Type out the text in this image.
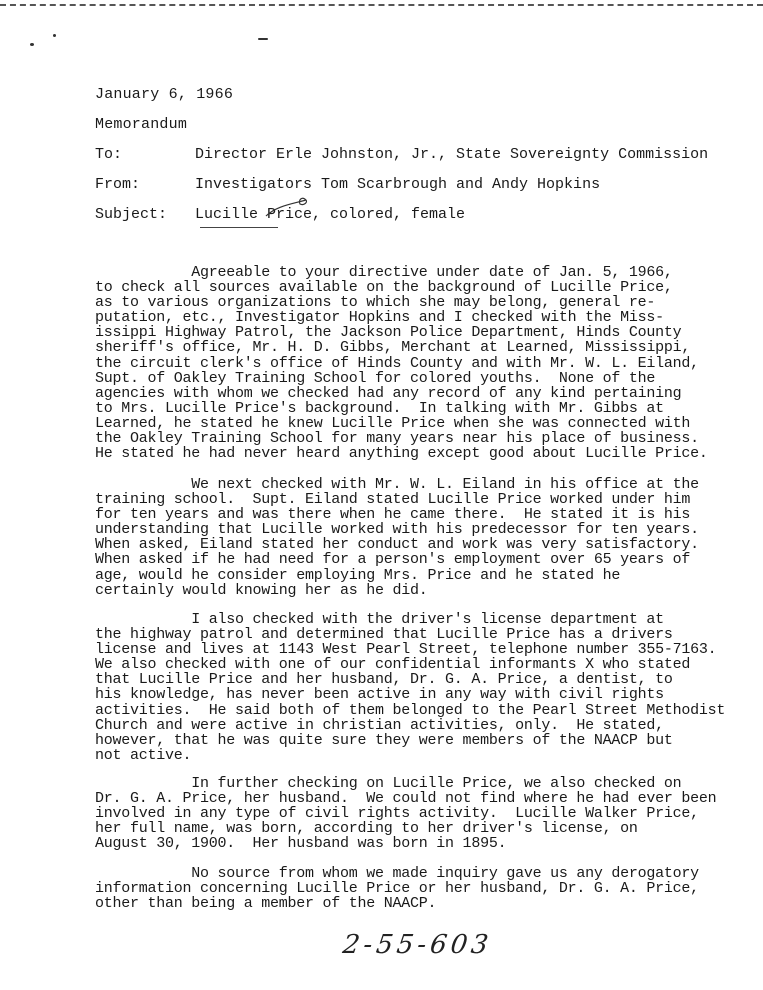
January 6, 1966
Memorandum
To:	Director Erle Johnston, Jr., State Sovereignty Commission
From:	Investigators Tom Scarbrough and Andy Hopkins
Subject: Lucille Price, colored, female
Agreeable to your directive under date of Jan. 5, 1966,
to check all sources available on the background of Lucille Price,
as to various organizations to which she may belong, general re-
putation, etc., Investigator Hopkins and I checked with the Miss-
issippi Highway Patrol, the Jackson Police Department, Hinds County
sheriff's office, Mr. H. D. Gibbs, Merchant at Learned, Mississippi,
the circuit clerk's office of Hinds County and with Mr. W. L. Eiland,
Supt. of Oakley Training School for colored youths.  None of the
agencies with whom we checked had any record of any kind pertaining
to Mrs. Lucille Price's background.  In talking with Mr. Gibbs at
Learned, he stated he knew Lucille Price when she was connected with
the Oakley Training School for many years near his place of business.
He stated he had never heard anything except good about Lucille Price.
We next checked with Mr. W. L. Eiland in his office at the
training school.  Supt. Eiland stated Lucille Price worked under him
for ten years and was there when he came there.  He stated it is his
understanding that Lucille worked with his predecessor for ten years.
When asked, Eiland stated her conduct and work was very satisfactory.
When asked if he had need for a person's employment over 65 years of
age, would he consider employing Mrs. Price and he stated he
certainly would knowing her as he did.
I also checked with the driver's license department at
the highway patrol and determined that Lucille Price has a drivers
license and lives at 1143 West Pearl Street, telephone number 355-7163.
We also checked with one of our confidential informants X who stated
that Lucille Price and her husband, Dr. G. A. Price, a dentist, to
his knowledge, has never been active in any way with civil rights
activities.  He said both of them belonged to the Pearl Street Methodist
Church and were active in christian activities, only.  He stated,
however, that he was quite sure they were members of the NAACP but
not active.
In further checking on Lucille Price, we also checked on
Dr. G. A. Price, her husband.  We could not find where he had ever been
involved in any type of civil rights activity.  Lucille Walker Price,
her full name, was born, according to her driver's license, on
August 30, 1900.  Her husband was born in 1895.
No source from whom we made inquiry gave us any derogatory
information concerning Lucille Price or her husband, Dr. G. A. Price,
other than being a member of the NAACP.
2-55-603
